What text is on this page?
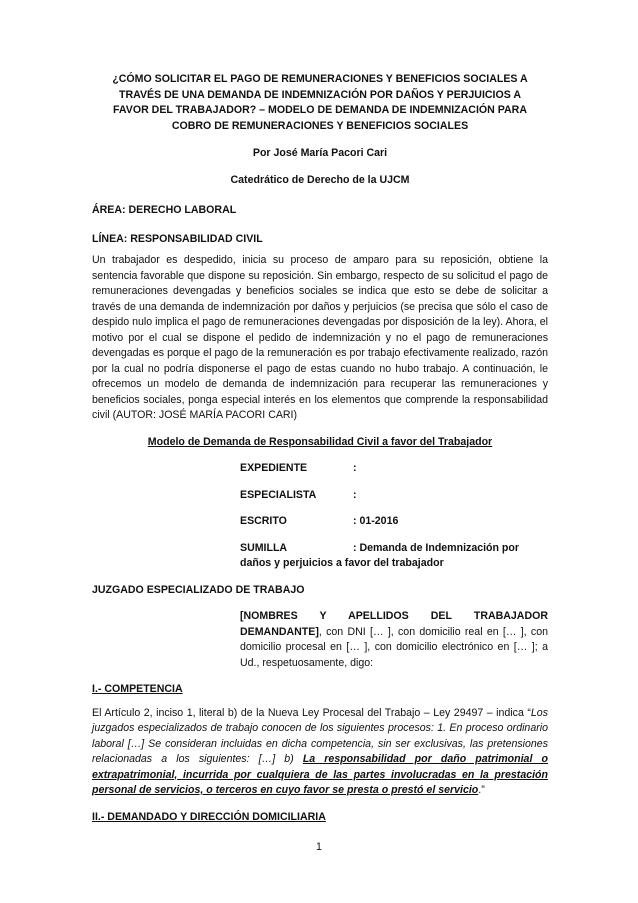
¿CÓMO SOLICITAR EL PAGO DE REMUNERACIONES Y BENEFICIOS SOCIALES A TRAVÉS DE UNA DEMANDA DE INDEMNIZACIÓN POR DAÑOS Y PERJUICIOS A FAVOR DEL TRABAJADOR? – MODELO DE DEMANDA DE INDEMNIZACIÓN PARA COBRO DE REMUNERACIONES Y BENEFICIOS SOCIALES
Por José María Pacori Cari
Catedrático de Derecho de la UJCM
ÁREA: DERECHO LABORAL
LÍNEA: RESPONSABILIDAD CIVIL
Un trabajador es despedido, inicia su proceso de amparo para su reposición, obtiene la sentencia favorable que dispone su reposición. Sin embargo, respecto de su solicitud el pago de remuneraciones devengadas y beneficios sociales se indica que esto se debe de solicitar a través de una demanda de indemnización por daños y perjuicios (se precisa que sólo el caso de despido nulo implica el pago de remuneraciones devengadas por disposición de la ley). Ahora, el motivo por el cual se dispone el pedido de indemnización y no el pago de remuneraciones devengadas es porque el pago de la remuneración es por trabajo efectivamente realizado, razón por la cual no podría disponerse el pago de estas cuando no hubo trabajo. A continuación, le ofrecemos un modelo de demanda de indemnización para recuperar las remuneraciones y beneficios sociales, ponga especial interés en los elementos que comprende la responsabilidad civil (AUTOR: JOSÉ MARÍA PACORI CARI)
Modelo de Demanda de Responsabilidad Civil a favor del Trabajador
EXPEDIENTE	:
ESPECIALISTA	:
ESCRITO	: 01-2016
SUMILLA	: Demanda de Indemnización por
daños y perjuicios a favor del trabajador
JUZGADO ESPECIALIZADO DE TRABAJO
[NOMBRES Y APELLIDOS DEL TRABAJADOR DEMANDANTE], con DNI [… ], con domicilio real en [… ], con domicilio procesal en [… ], con domicilio electrónico en [… ]; a Ud., respetuosamente, digo:
I.- COMPETENCIA
El Artículo 2, inciso 1, literal b) de la Nueva Ley Procesal del Trabajo – Ley 29497 – indica “Los juzgados especializados de trabajo conocen de los siguientes procesos: 1. En proceso ordinario laboral […] Se consideran incluidas en dicha competencia, sin ser exclusivas, las pretensiones relacionadas a los siguientes: […] b) La responsabilidad por daño patrimonial o extrapatrimonial, incurrida por cualquiera de las partes involucradas en la prestación personal de servicios, o terceros en cuyo favor se presta o prestó el servicio.”
II.- DEMANDADO Y DIRECCIÓN DOMICILIARIA
1
